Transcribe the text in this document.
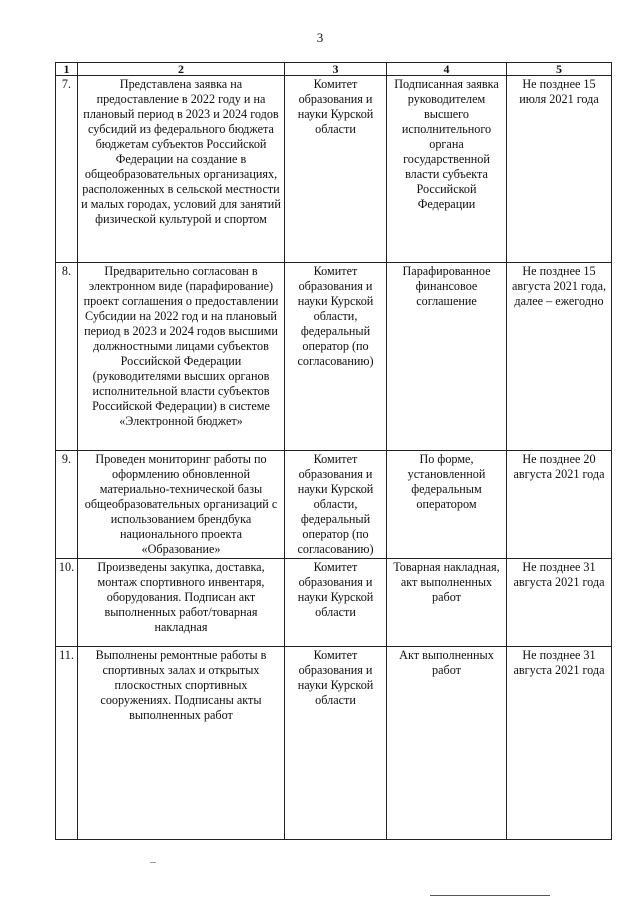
3
1	2	3	4	5
7.	Представлена заявка на предоставление в 2022 году и на плановый период в 2023 и 2024 годов субсидий из федерального бюджета бюджетам субъектов Российской Федерации на создание в общеобразовательных организациях, расположенных в сельской местности и малых городах, условий для занятий физической культурой и спортом	Комитет образования и науки Курской области	Подписанная заявка руководителем высшего исполнительного органа государственной власти субъекта Российской Федерации	Не позднее 15 июля 2021 года
8.	Предварительно согласован в электронном виде (парафирование) проект соглашения о предоставлении Субсидии на 2022 год и на плановый период в 2023 и 2024 годов высшими должностными лицами субъектов Российской Федерации (руководителями высших органов исполнительной власти субъектов Российской Федерации) в системе «Электронной бюджет»	Комитет образования и науки Курской области, федеральный оператор (по согласованию)	Парафированное финансовое соглашение	Не позднее 15 августа 2021 года, далее – ежегодно
9.	Проведен мониторинг работы по оформлению обновленной материально-технической базы общеобразовательных организаций с использованием брендбука национального проекта «Образование»	Комитет образования и науки Курской области, федеральный оператор (по согласованию)	По форме, установленной федеральным оператором	Не позднее 20 августа 2021 года
10.	Произведены закупка, доставка, монтаж спортивного инвентаря, оборудования. Подписан акт выполненных работ/товарная накладная	Комитет образования и науки Курской области	Товарная накладная, акт выполненных работ	Не позднее 31 августа 2021 года
11.	Выполнены ремонтные работы в спортивных залах и открытых плоскостных спортивных сооружениях. Подписаны акты выполненных работ	Комитет образования и науки Курской области	Акт выполненных работ	Не позднее 31 августа 2021 года
